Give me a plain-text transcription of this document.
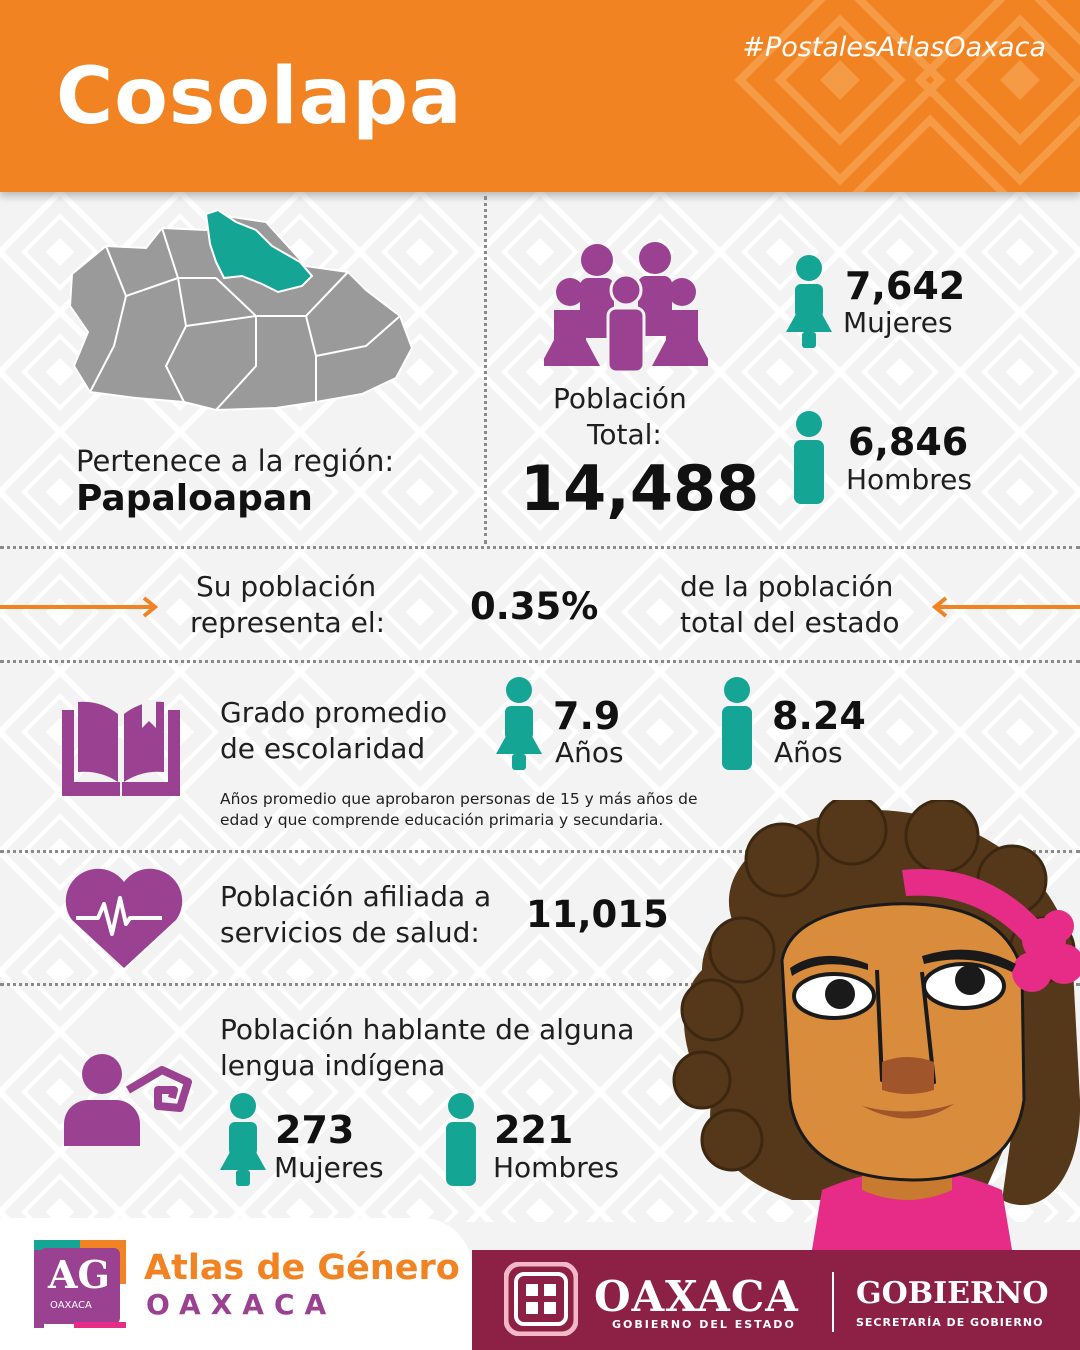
Cosolapa
#PostalesAtlasOaxaca
Pertenece a la región:
Papaloapan
Población
Total:
14,488
7,642
Mujeres
6,846
Hombres
Su población
representa el: 0.35%	de la población
total del estado
Grado promedio
de escolaridad
7.9
Años
8.24
Años
Años promedio que aprobaron personas de 15 y más años de
edad y que comprende educación primaria y secundaria.
Población afiliada a
servicios de salud: 11,015
Población hablante de alguna
lengua indígena
273
Mujeres
221
Hombres
AG
OAXACA
Atlas de Género
OAXACA	OAXACA
GOBIERNO DEL ESTADO
GOBIERNO
SECRETARÍA DE GOBIERNO
